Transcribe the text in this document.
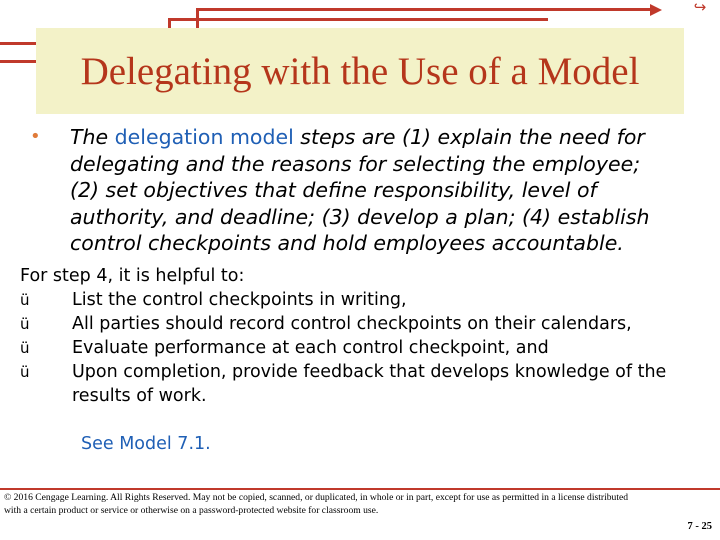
↪
Delegating with the Use of a Model
•	The delegation model steps are (1) explain the need for
delegating and the reasons for selecting the employee;
(2) set objectives that define responsibility, level of
authority, and deadline; (3) develop a plan; (4) establish
control checkpoints and hold employees accountable.
For step 4, it is helpful to:
ü List the control checkpoints in writing,
ü All parties should record control checkpoints on their calendars,
ü Evaluate performance at each control checkpoint, and
ü Upon completion, provide feedback that develops knowledge of the
results of work.
See Model 7.1.
© 2016 Cengage Learning. All Rights Reserved. May not be copied, scanned, or duplicated, in whole or in part, except for use as permitted in a license distributed
with a certain product or service or otherwise on a password-protected website for classroom use.
7 - 25
